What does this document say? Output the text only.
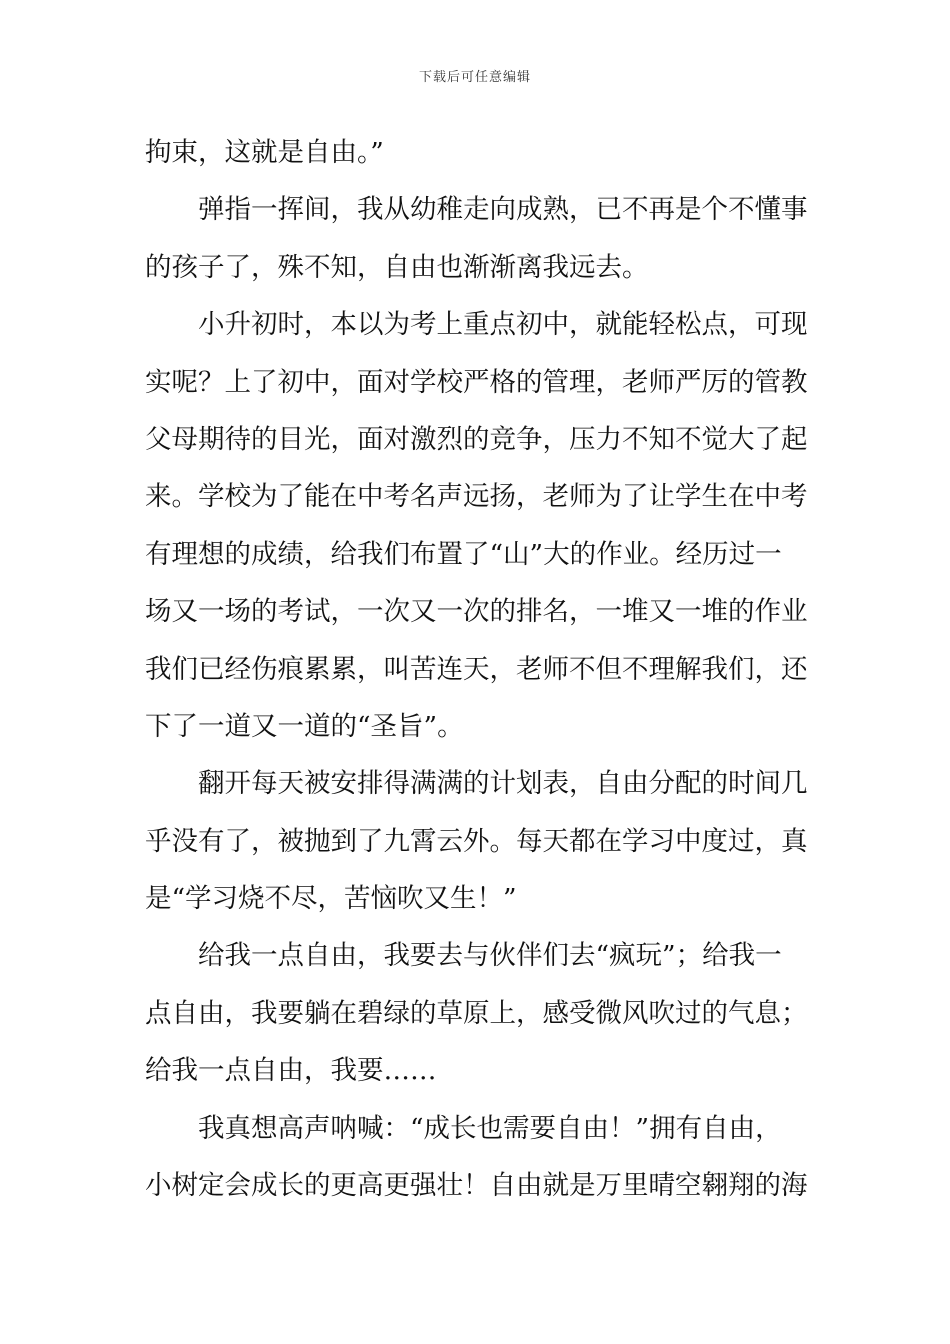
下载后可任意编辑
拘束，这就是自由。”
弹指一挥间，我从幼稚走向成熟，已不再是个不懂事
的孩子了，殊不知，自由也渐渐离我远去。
小升初时，本以为考上重点初中，就能轻松点，可现
实呢？上了初中，面对学校严格的管理，老师严厉的管教
父母期待的目光，面对激烈的竞争，压力不知不觉大了起
来。学校为了能在中考名声远扬，老师为了让学生在中考
有理想的成绩，给我们布置了“山”大的作业。经历过一
场又一场的考试，一次又一次的排名，一堆又一堆的作业
我们已经伤痕累累，叫苦连天，老师不但不理解我们，还
下了一道又一道的“圣旨”。
翻开每天被安排得满满的计划表，自由分配的时间几
乎没有了，被抛到了九霄云外。每天都在学习中度过，真
是“学习烧不尽，苦恼吹又生！”
给我一点自由，我要去与伙伴们去“疯玩”；给我一
点自由，我要躺在碧绿的草原上，感受微风吹过的气息；
给我一点自由，我要……
我真想高声呐喊：“成长也需要自由！”拥有自由，
小树定会成长的更高更强壮！自由就是万里晴空翱翔的海
